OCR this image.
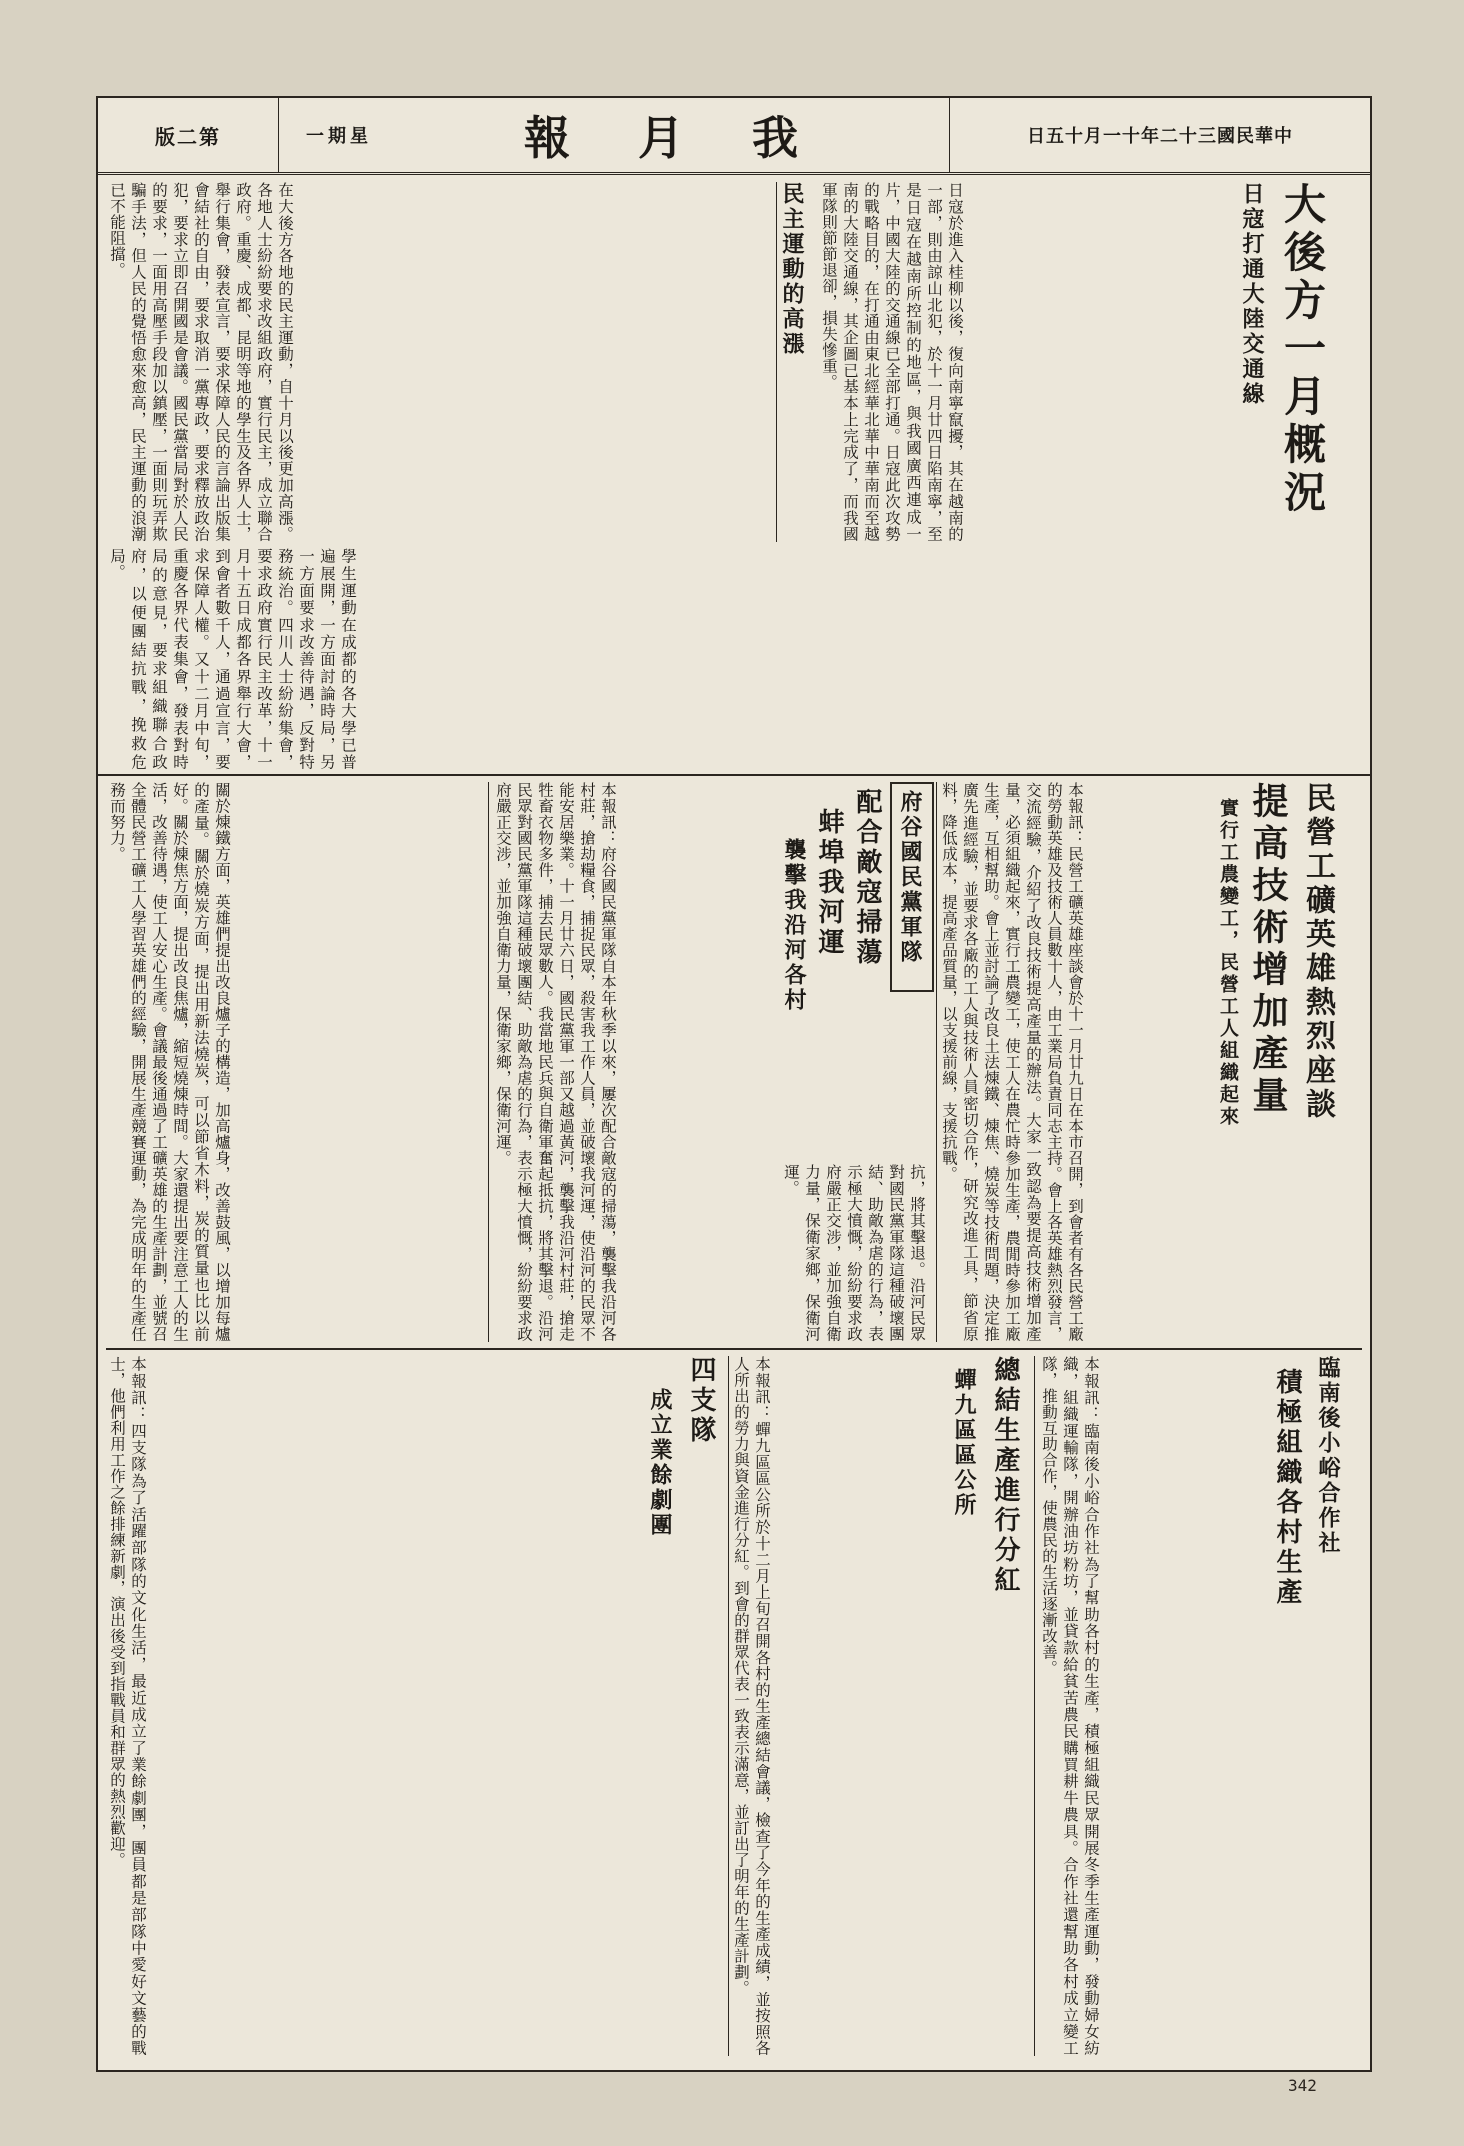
版二第	一期星	報 月 我	日五十月一十年二十三國民華中
大後方一月概況
日寇打通大陸交通線
日寇於進入桂柳以後，復向南寧竄擾，其在越南的一部，則由諒山北犯，於十一月廿四日陷南寧，至是日寇在越南所控制的地區，與我國廣西連成一片，中國大陸的交通線已全部打通。日寇此次攻勢的戰略目的，在打通由東北經華北華中華南而至越南的大陸交通線，其企圖已基本上完成了，而我國軍隊則節節退卻，損失慘重。
民主運動的高漲
在大後方各地的民主運動，自十月以後更加高漲。各地人士紛紛要求改組政府，實行民主，成立聯合政府。重慶、成都、昆明等地的學生及各界人士，舉行集會，發表宣言，要求保障人民的言論出版集會結社的自由，要求取消一黨專政，要求釋放政治犯，要求立即召開國是會議。國民黨當局對於人民的要求，一面用高壓手段加以鎮壓，一面則玩弄欺騙手法，但人民的覺悟愈來愈高，民主運動的浪潮已不能阻擋。
學生運動在成都的各大學已普遍展開，一方面討論時局，另一方面要求改善待遇，反對特務統治。四川人士紛紛集會，要求政府實行民主改革，十一月十五日成都各界舉行大會，到會者數千人，通過宣言，要求保障人權。又十二月中旬，重慶各界代表集會，發表對時局的意見，要求組織聯合政府，以便團結抗戰，挽救危局。
民營工礦英雄熱烈座談
提高技術增加產量
實行工農變工，民營工人組織起來
本報訊：民營工礦英雄座談會於十一月廿九日在本市召開，到會者有各民營工廠的勞動英雄及技術人員數十人，由工業局負責同志主持。會上各英雄熱烈發言，交流經驗，介紹了改良技術提高產量的辦法。大家一致認為要提高技術增加產量，必須組織起來，實行工農變工，使工人在農忙時參加生產，農閒時參加工廠生產，互相幫助。會上並討論了改良土法煉鐵、煉焦、燒炭等技術問題，決定推廣先進經驗，並要求各廠的工人與技術人員密切合作，研究改進工具，節省原料，降低成本，提高產品質量，以支援前線，支援抗戰。
關於煉鐵方面，英雄們提出改良爐子的構造，加高爐身，改善鼓風，以增加每爐的產量。關於燒炭方面，提出用新法燒炭，可以節省木料，炭的質量也比以前好。關於煉焦方面，提出改良焦爐，縮短燒煉時間。大家還提出要注意工人的生活，改善待遇，使工人安心生產。會議最後通過了工礦英雄的生產計劃，並號召全體民營工礦工人學習英雄們的經驗，開展生產競賽運動，為完成明年的生產任務而努力。	府谷國民黨軍隊
配合敵寇掃蕩
蚌埠我河運
襲擊我沿河各村
本報訊：府谷國民黨軍隊自本年秋季以來，屢次配合敵寇的掃蕩，襲擊我沿河各村莊，搶劫糧食，捕捉民眾，殺害我工作人員，並破壞我河運，使沿河的民眾不能安居樂業。十一月廿六日，國民黨軍一部又越過黃河，襲擊我沿河村莊，搶走牲畜衣物多件，捕去民眾數人。我當地民兵與自衛軍奮起抵抗，將其擊退。沿河民眾對國民黨軍隊這種破壞團結、助敵為虐的行為，表示極大憤慨，紛紛要求政府嚴正交涉，並加強自衛力量，保衛家鄉，保衛河運。
抗，將其擊退。沿河民眾對國民黨軍隊這種破壞團結、助敵為虐的行為，表示極大憤慨，紛紛要求政府嚴正交涉，並加強自衛力量，保衛家鄉，保衛河運。
臨南後小峪合作社
積極組織各村生產
本報訊：臨南後小峪合作社為了幫助各村的生產，積極組織民眾開展冬季生產運動，發動婦女紡織，組織運輸隊，開辦油坊粉坊，並貸款給貧苦農民購買耕牛農具。合作社還幫助各村成立變工隊，推動互助合作，使農民的生活逐漸改善。
總結生產進行分紅
蟬九區區公所
本報訊：蟬九區區公所於十二月上旬召開各村的生產總結會議，檢查了今年的生產成績，並按照各人所出的勞力與資金進行分紅。到會的群眾代表一致表示滿意，並訂出了明年的生產計劃。
四支隊
成立業餘劇團
本報訊：四支隊為了活躍部隊的文化生活，最近成立了業餘劇團，團員都是部隊中愛好文藝的戰士，他們利用工作之餘排練新劇，演出後受到指戰員和群眾的熱烈歡迎。
342
